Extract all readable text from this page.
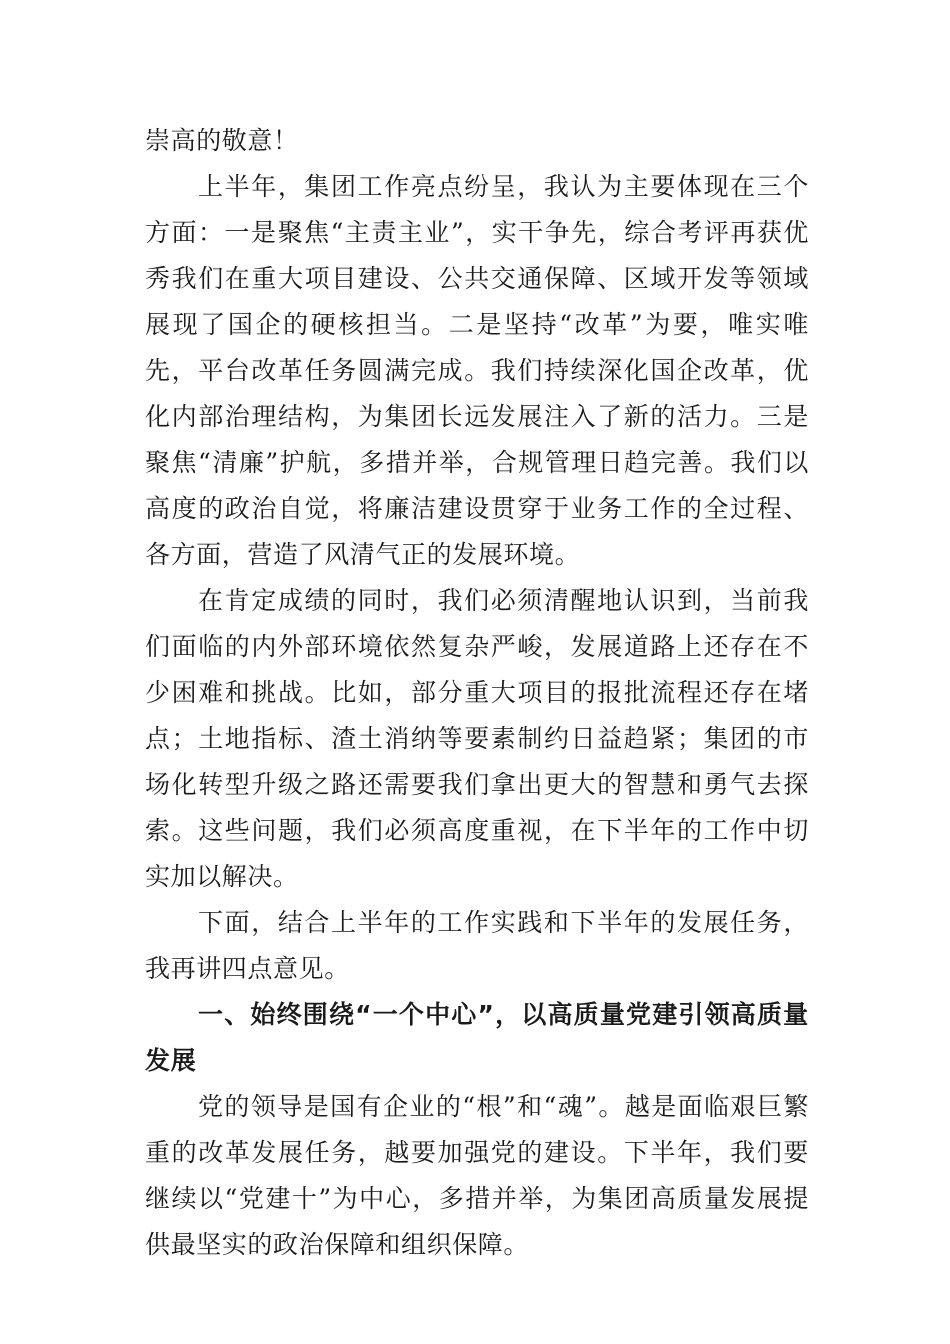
崇高的敬意！

上半年，集团工作亮点纷呈，我认为主要体现在三个方面：一是聚焦“主责主业”，实干争先，综合考评再获优秀我们在重大项目建设、公共交通保障、区域开发等领域展现了国企的硬核担当。二是坚持“改革”为要，唯实唯先，平台改革任务圆满完成。我们持续深化国企改革，优化内部治理结构，为集团长远发展注入了新的活力。三是聚焦“清廉”护航，多措并举，合规管理日趋完善。我们以高度的政治自觉，将廉洁建设贯穿于业务工作的全过程、各方面，营造了风清气正的发展环境。

在肯定成绩的同时，我们必须清醒地认识到，当前我们面临的内外部环境依然复杂严峻，发展道路上还存在不少困难和挑战。比如，部分重大项目的报批流程还存在堵点；土地指标、渣土消纳等要素制约日益趋紧；集团的市场化转型升级之路还需要我们拿出更大的智慧和勇气去探索。这些问题，我们必须高度重视，在下半年的工作中切实加以解决。

下面，结合上半年的工作实践和下半年的发展任务，我再讲四点意见。

一、始终围绕“一个中心”，以高质量党建引领高质量发展

党的领导是国有企业的“根”和“魂”。越是面临艰巨繁重的改革发展任务，越要加强党的建设。下半年，我们要继续以“党建十”为中心，多措并举，为集团高质量发展提供最坚实的政治保障和组织保障。
